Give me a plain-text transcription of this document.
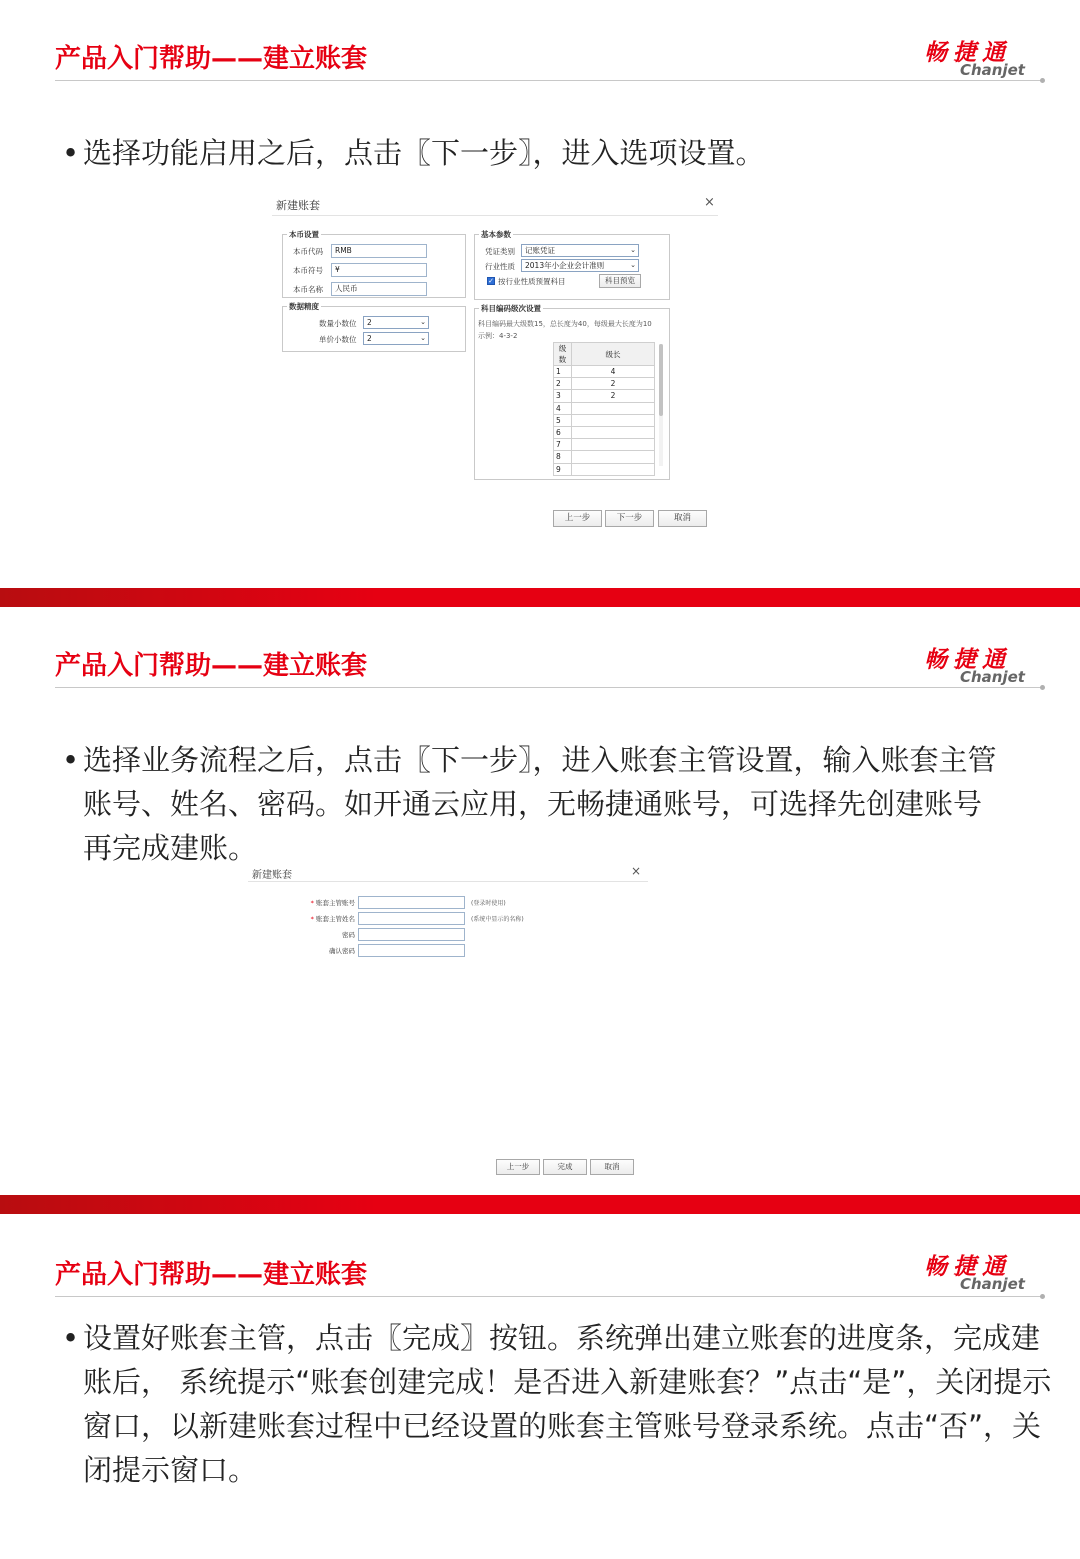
产品入门帮助——建立账套	畅捷通
Chanjet
• 选择功能启用之后，点击〖下一步〗，进入选项设置。
新建账套	×
本币设置
本币代码	RMB
本币符号	¥
本币名称	人民币
数据精度
数量小数位	2	⌄
单价小数位	2	⌄
基本参数
凭证类别	记账凭证	⌄
行业性质	2013年小企业会计准则	⌄
✓ 按行业性质预置科目	科目预览
科目编码级次设置
科目编码最大级数15，总长度为40，每级最大长度为10
示例：4-3-2
级数	级长
1	4
2	2
3	2
4	
5	
6	
7	
8	
9	
上一步	下一步	取消
产品入门帮助——建立账套	畅捷通
Chanjet
• 选择业务流程之后，点击〖下一步〗，进入账套主管设置，输入账套主管账号、姓名、密码。如开通云应用，无畅捷通账号，可选择先创建账号再完成建账。
新建账套	×
* 账套主管账号	(登录时使用)
* 账套主管姓名	(系统中显示的名称)
密码
确认密码
上一步	完成	取消
产品入门帮助——建立账套	畅捷通
Chanjet
• 设置好账套主管，点击〖完成〗按钮。系统弹出建立账套的进度条，完成建账后， 系统提示“账套创建完成！是否进入新建账套？”点击“是”，关闭提示窗口，以新建账套过程中已经设置的账套主管账号登录系统。点击“否”，关闭提示窗口。
